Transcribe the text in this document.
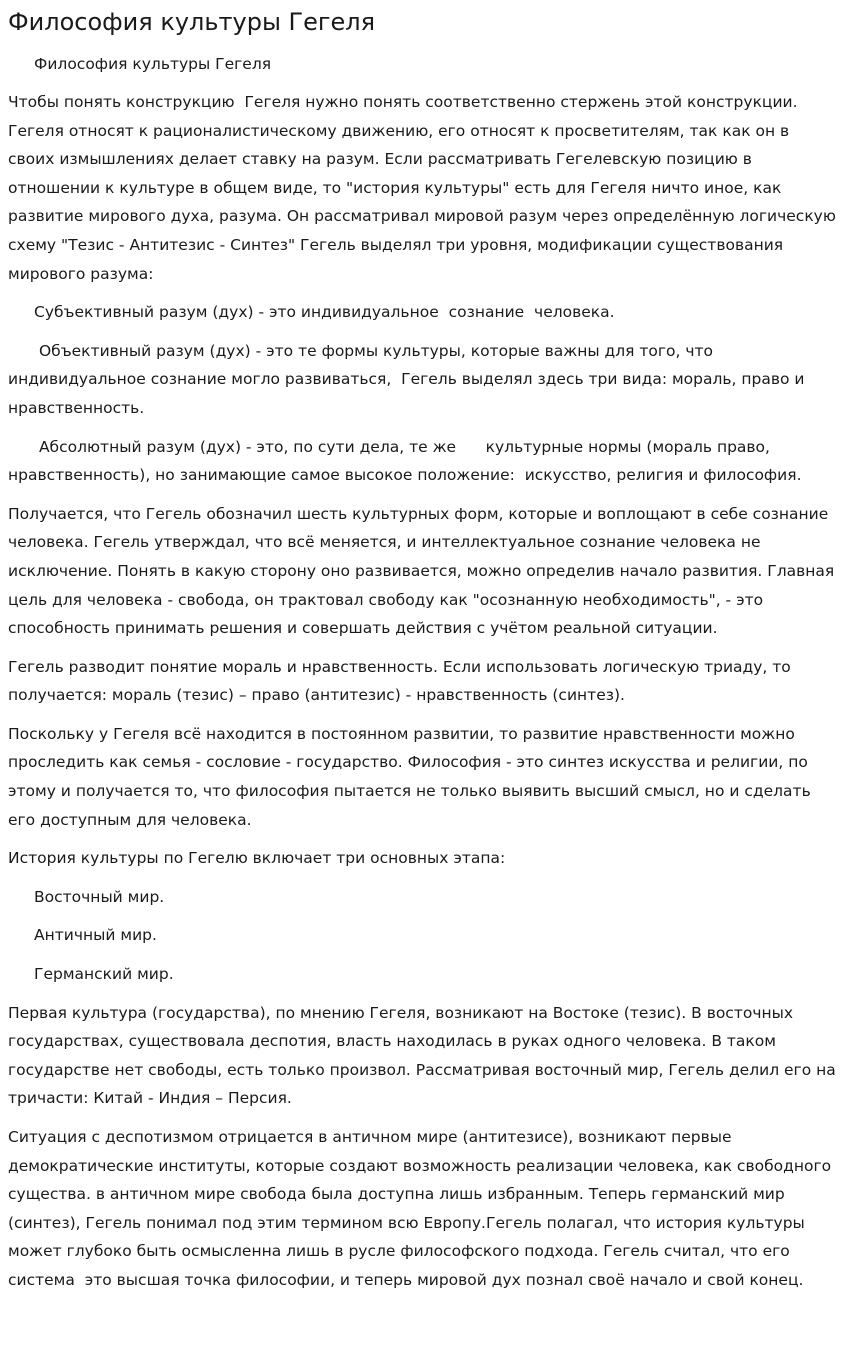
Философия культуры Гегеля
Философия культуры Гегеля

Чтобы понять конструкцию  Гегеля нужно понять соответственно стержень этой конструкции. Гегеля относят к рационалистическому движению, его относят к просветителям, так как он в своих измышлениях делает ставку на разум. Если рассматривать Гегелевскую позицию в отношении к культуре в общем виде, то "история культуры" есть для Гегеля ничто иное, как развитие мирового духа, разума. Он рассматривал мировой разум через определённую логическую схему "Тезис - Антитезис - Синтез" Гегель выделял три уровня, модификации существования мирового разума:

Субъективный разум (дух) - это индивидуальное  сознание  человека.

Объективный разум (дух) - это те формы культуры, которые важны для того, что индивидуальное сознание могло развиваться,  Гегель выделял здесь три вида: мораль, право и нравственность.

Абсолютный разум (дух) - это, по сути дела, те же      культурные нормы (мораль право, нравственность), но занимающие самое высокое положение:  искусство, религия и философия.

Получается, что Гегель обозначил шесть культурных форм, которые и воплощают в себе сознание человека. Гегель утверждал, что всё меняется, и интеллектуальное сознание человека не исключение. Понять в какую сторону оно развивается, можно определив начало развития. Главная цель для человека - свобода, он трактовал свободу как "осознанную необходимость", - это способность принимать решения и совершать действия с учётом реальной ситуации.

Гегель разводит понятие мораль и нравственность. Если использовать логическую триаду, то получается: мораль (тезис) – право (антитезис) - нравственность (синтез).

Поскольку у Гегеля всё находится в постоянном развитии, то развитие нравственности можно проследить как семья - сословие - государство. Философия - это синтез искусства и религии, по этому и получается то, что философия пытается не только выявить высший смысл, но и сделать его доступным для человека.

История культуры по Гегелю включает три основных этапа:

Восточный мир.

Античный мир.

Германский мир.

Первая культура (государства), по мнению Гегеля, возникают на Востоке (тезис). В восточных государствах, существовала деспотия, власть находилась в руках одного человека. В таком государстве нет свободы, есть только произвол. Рассматривая восточный мир, Гегель делил его на тричасти: Китай - Индия – Персия.

Ситуация с деспотизмом отрицается в античном мире (антитезисе), возникают первые демократические институты, которые создают возможность реализации человека, как свободного существа. в античном мире свобода была доступна лишь избранным. Теперь германский мир (синтез), Гегель понимал под этим термином всю Европу.Гегель полагал, что история культуры может глубоко быть осмысленна лишь в русле философского подхода. Гегель считал, что его система  это высшая точка философии, и теперь мировой дух познал своё начало и свой конец.
